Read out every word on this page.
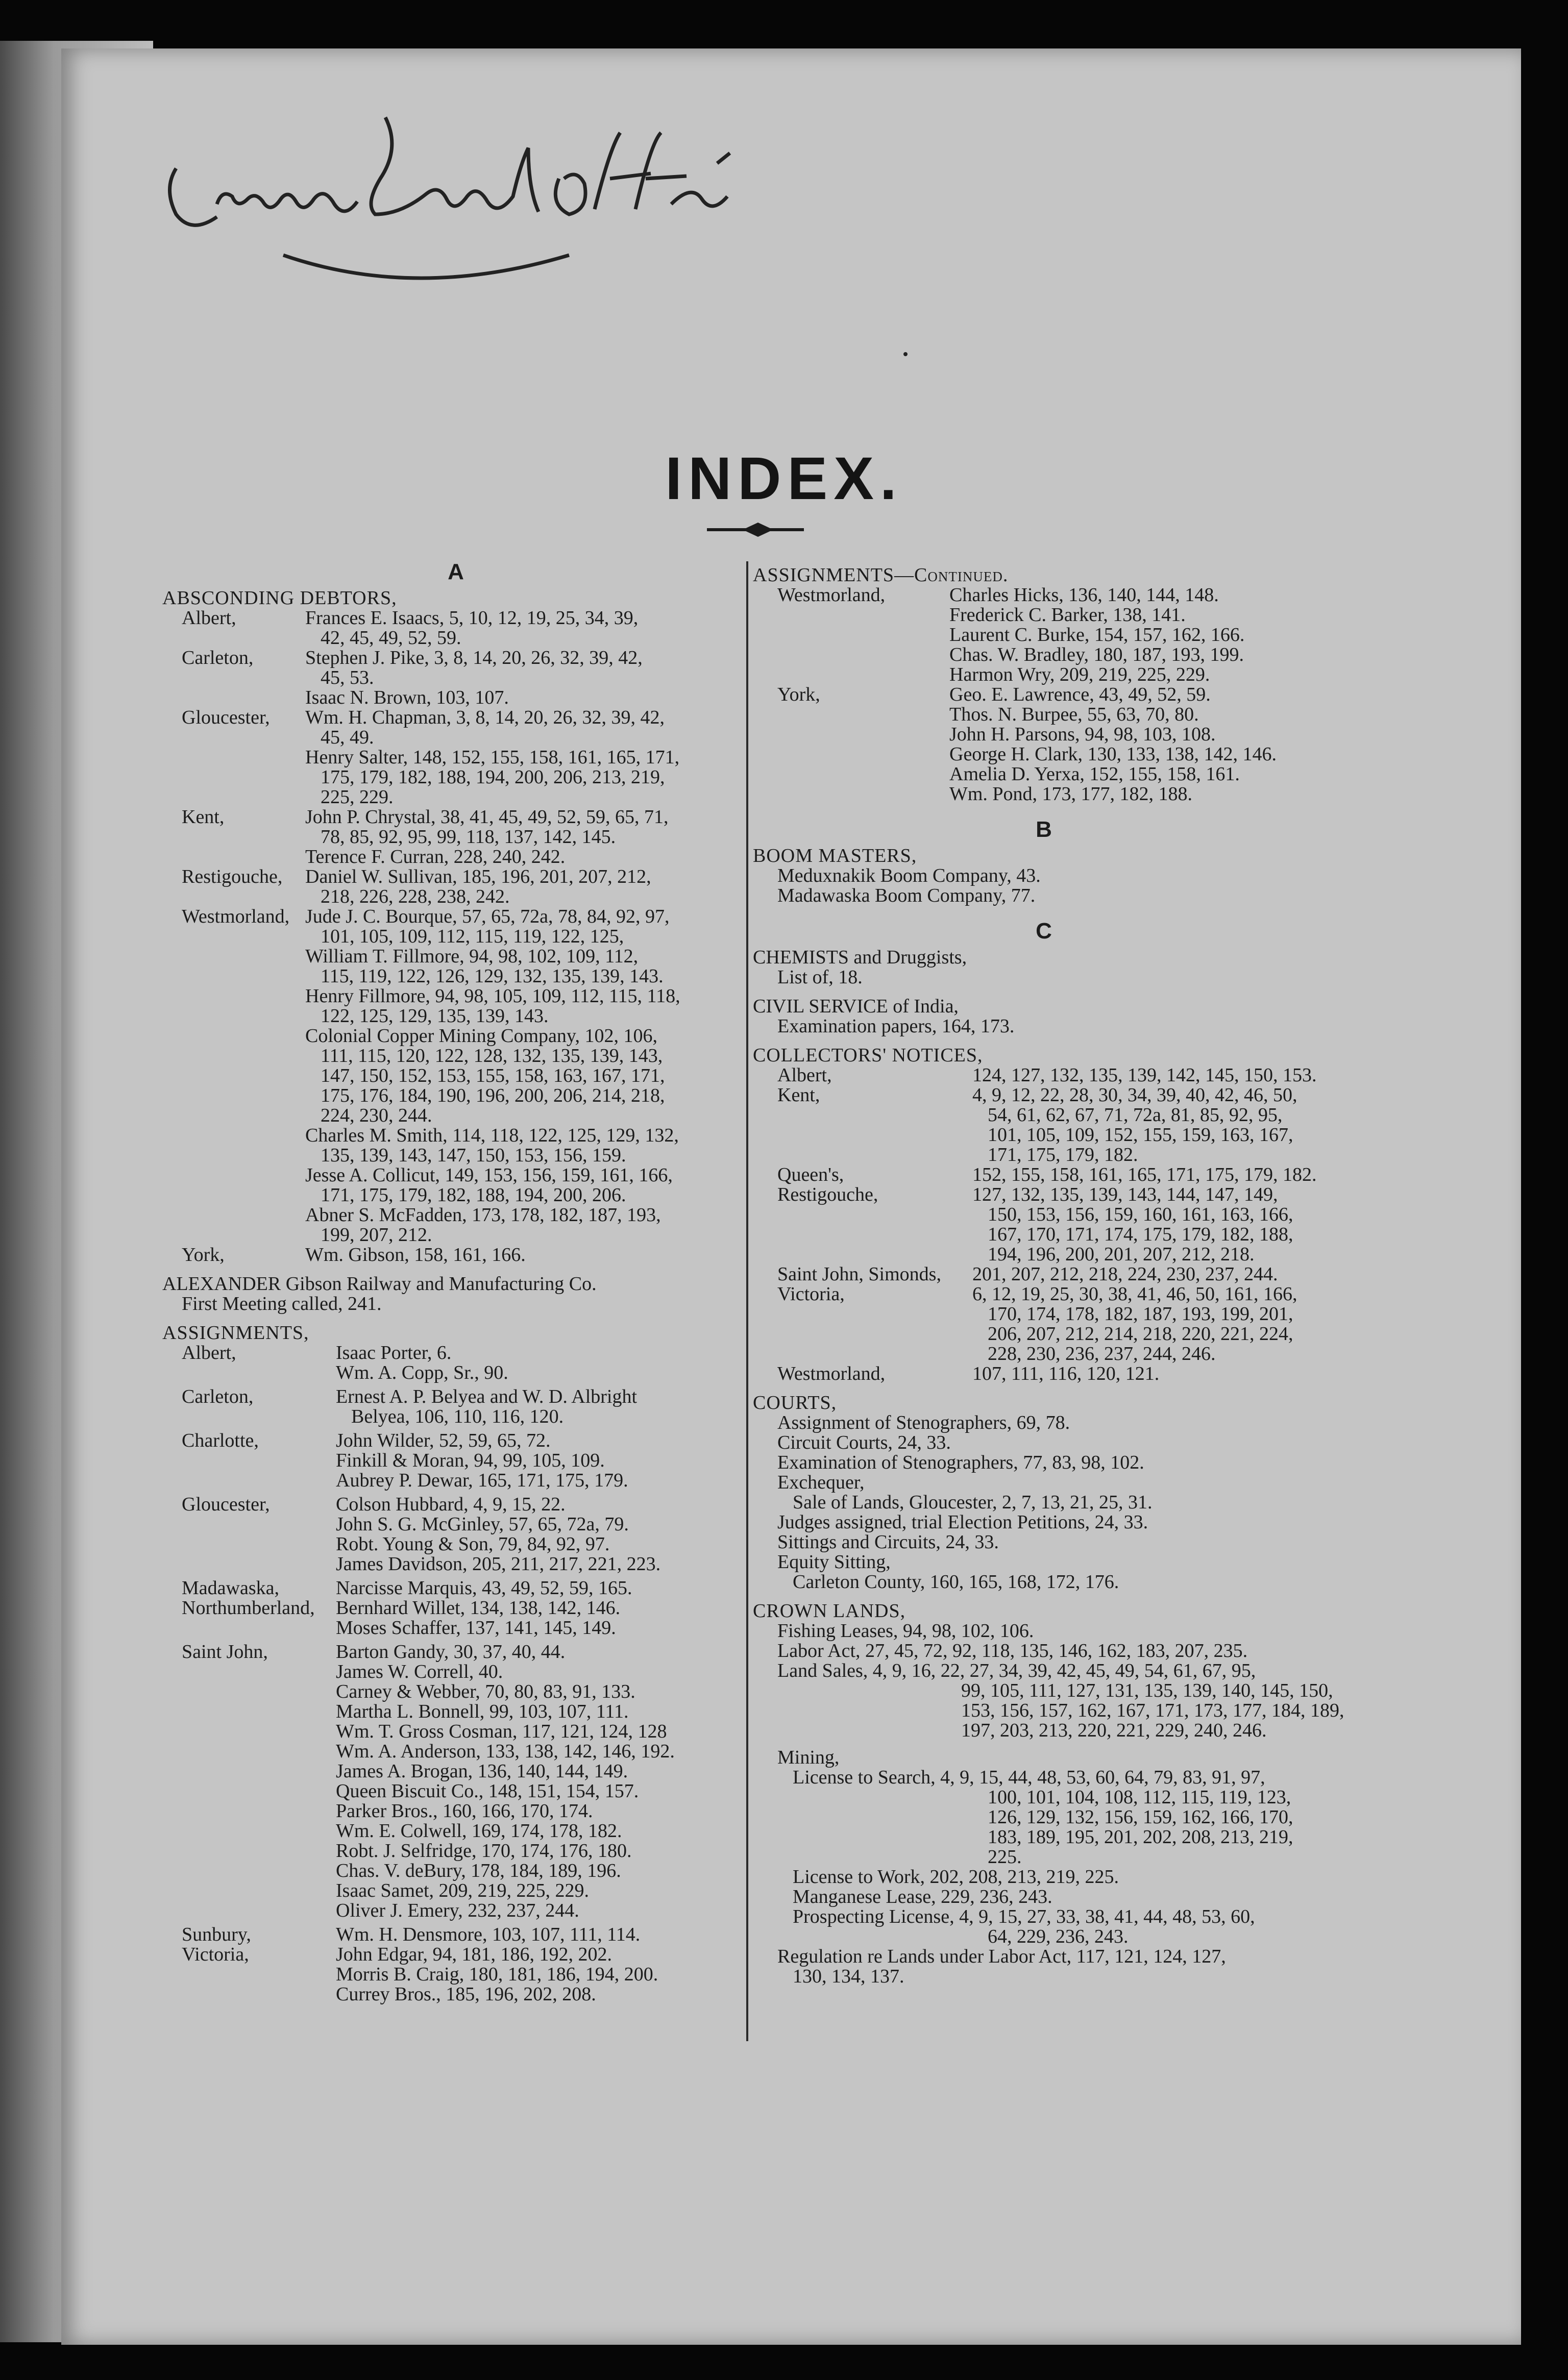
INDEX.
A
ABSCONDING DEBTORS,
Albert,	Frances E. Isaacs, 5, 10, 12, 19, 25, 34, 39,
42, 45, 49, 52, 59.
Carleton,	Stephen J. Pike, 3, 8, 14, 20, 26, 32, 39, 42,
45, 53.
Isaac N. Brown, 103, 107.
Gloucester,	Wm. H. Chapman, 3, 8, 14, 20, 26, 32, 39, 42,
45, 49.
Henry Salter, 148, 152, 155, 158, 161, 165, 171,
175, 179, 182, 188, 194, 200, 206, 213, 219,
225, 229.
Kent,	John P. Chrystal, 38, 41, 45, 49, 52, 59, 65, 71,
78, 85, 92, 95, 99, 118, 137, 142, 145.
Terence F. Curran, 228, 240, 242.
Restigouche,	Daniel W. Sullivan, 185, 196, 201, 207, 212,
218, 226, 228, 238, 242.
Westmorland, Jude J. C. Bourque, 57, 65, 72a, 78, 84, 92, 97,
101, 105, 109, 112, 115, 119, 122, 125,
William T. Fillmore, 94, 98, 102, 109, 112,
115, 119, 122, 126, 129, 132, 135, 139, 143.
Henry Fillmore, 94, 98, 105, 109, 112, 115, 118,
122, 125, 129, 135, 139, 143.
Colonial Copper Mining Company, 102, 106,
111, 115, 120, 122, 128, 132, 135, 139, 143,
147, 150, 152, 153, 155, 158, 163, 167, 171,
175, 176, 184, 190, 196, 200, 206, 214, 218,
224, 230, 244.
Charles M. Smith, 114, 118, 122, 125, 129, 132,
135, 139, 143, 147, 150, 153, 156, 159.
Jesse A. Collicut, 149, 153, 156, 159, 161, 166,
171, 175, 179, 182, 188, 194, 200, 206.
Abner S. McFadden, 173, 178, 182, 187, 193,
199, 207, 212.
York,	Wm. Gibson, 158, 161, 166.
ALEXANDER Gibson Railway and Manufacturing Co.
First Meeting called, 241.
ASSIGNMENTS,
Albert,	Isaac Porter, 6.
Wm. A. Copp, Sr., 90.
Carleton,	Ernest A. P. Belyea and W. D. Albright
Belyea, 106, 110, 116, 120.
Charlotte,	John Wilder, 52, 59, 65, 72.
Finkill & Moran, 94, 99, 105, 109.
Aubrey P. Dewar, 165, 171, 175, 179.
Gloucester,	Colson Hubbard, 4, 9, 15, 22.
John S. G. McGinley, 57, 65, 72a, 79.
Robt. Young & Son, 79, 84, 92, 97.
James Davidson, 205, 211, 217, 221, 223.
Madawaska,	Narcisse Marquis, 43, 49, 52, 59, 165.
Northumberland,	Bernhard Willet, 134, 138, 142, 146.
Moses Schaffer, 137, 141, 145, 149.
Saint John,	Barton Gandy, 30, 37, 40, 44.
James W. Correll, 40.
Carney & Webber, 70, 80, 83, 91, 133.
Martha L. Bonnell, 99, 103, 107, 111.
Wm. T. Gross Cosman, 117, 121, 124, 128
Wm. A. Anderson, 133, 138, 142, 146, 192.
James A. Brogan, 136, 140, 144, 149.
Queen Biscuit Co., 148, 151, 154, 157.
Parker Bros., 160, 166, 170, 174.
Wm. E. Colwell, 169, 174, 178, 182.
Robt. J. Selfridge, 170, 174, 176, 180.
Chas. V. deBury, 178, 184, 189, 196.
Isaac Samet, 209, 219, 225, 229.
Oliver J. Emery, 232, 237, 244.
Sunbury,	Wm. H. Densmore, 103, 107, 111, 114.
Victoria,	John Edgar, 94, 181, 186, 192, 202.
Morris B. Craig, 180, 181, 186, 194, 200.
Currey Bros., 185, 196, 202, 208.
ASSIGNMENTS—Continued.
Westmorland,	Charles Hicks, 136, 140, 144, 148.
Frederick C. Barker, 138, 141.
Laurent C. Burke, 154, 157, 162, 166.
Chas. W. Bradley, 180, 187, 193, 199.
Harmon Wry, 209, 219, 225, 229.
York,	Geo. E. Lawrence, 43, 49, 52, 59.
Thos. N. Burpee, 55, 63, 70, 80.
John H. Parsons, 94, 98, 103, 108.
George H. Clark, 130, 133, 138, 142, 146.
Amelia D. Yerxa, 152, 155, 158, 161.
Wm. Pond, 173, 177, 182, 188.
B
BOOM MASTERS,
Meduxnakik Boom Company, 43.
Madawaska Boom Company, 77.
C
CHEMISTS and Druggists,
List of, 18.
CIVIL SERVICE of India,
Examination papers, 164, 173.
COLLECTORS' NOTICES,
Albert,	124, 127, 132, 135, 139, 142, 145, 150, 153.
Kent,	4, 9, 12, 22, 28, 30, 34, 39, 40, 42, 46, 50,
54, 61, 62, 67, 71, 72a, 81, 85, 92, 95,
101, 105, 109, 152, 155, 159, 163, 167,
171, 175, 179, 182.
Queen's,	152, 155, 158, 161, 165, 171, 175, 179, 182.
Restigouche,	127, 132, 135, 139, 143, 144, 147, 149,
150, 153, 156, 159, 160, 161, 163, 166,
167, 170, 171, 174, 175, 179, 182, 188,
194, 196, 200, 201, 207, 212, 218.
Saint John, Simonds,	201, 207, 212, 218, 224, 230, 237, 244.
Victoria,	6, 12, 19, 25, 30, 38, 41, 46, 50, 161, 166,
170, 174, 178, 182, 187, 193, 199, 201,
206, 207, 212, 214, 218, 220, 221, 224,
228, 230, 236, 237, 244, 246.
Westmorland,	107, 111, 116, 120, 121.
COURTS,
Assignment of Stenographers, 69, 78.
Circuit Courts, 24, 33.
Examination of Stenographers, 77, 83, 98, 102.
Exchequer,
Sale of Lands, Gloucester, 2, 7, 13, 21, 25, 31.
Judges assigned, trial Election Petitions, 24, 33.
Sittings and Circuits, 24, 33.
Equity Sitting,
Carleton County, 160, 165, 168, 172, 176.
CROWN LANDS,
Fishing Leases, 94, 98, 102, 106.
Labor Act, 27, 45, 72, 92, 118, 135, 146, 162, 183, 207, 235.
Land Sales, 4, 9, 16, 22, 27, 34, 39, 42, 45, 49, 54, 61, 67, 95,
99, 105, 111, 127, 131, 135, 139, 140, 145, 150,
153, 156, 157, 162, 167, 171, 173, 177, 184, 189,
197, 203, 213, 220, 221, 229, 240, 246.
Mining,
License to Search, 4, 9, 15, 44, 48, 53, 60, 64, 79, 83, 91, 97,
100, 101, 104, 108, 112, 115, 119, 123,
126, 129, 132, 156, 159, 162, 166, 170,
183, 189, 195, 201, 202, 208, 213, 219,
225.
License to Work, 202, 208, 213, 219, 225.
Manganese Lease, 229, 236, 243.
Prospecting License, 4, 9, 15, 27, 33, 38, 41, 44, 48, 53, 60,
64, 229, 236, 243.
Regulation re Lands under Labor Act, 117, 121, 124, 127,
130, 134, 137.
